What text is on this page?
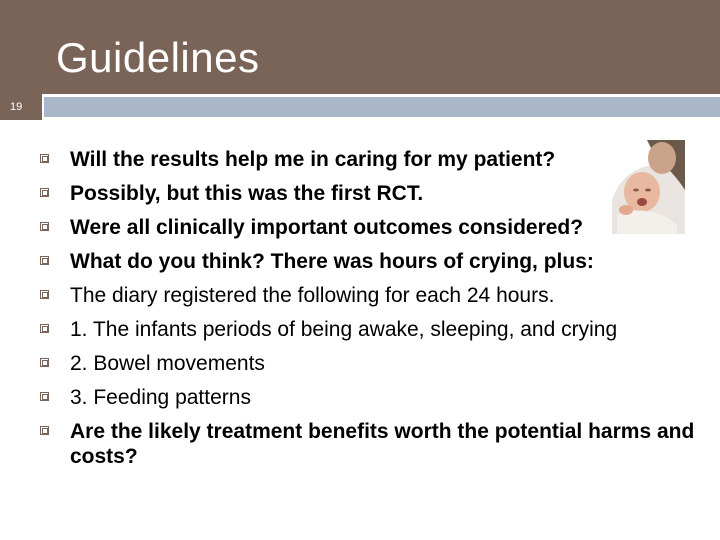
Guidelines
19
Will the results help me in caring for my patient?
Possibly, but this was the first RCT.
Were all clinically important outcomes considered?
What do you think? There was hours of crying, plus:
The diary registered the following for each 24 hours.
1. The infants periods of being awake, sleeping, and crying
2. Bowel movements
3. Feeding patterns
Are the likely treatment benefits worth the potential harms and costs?
